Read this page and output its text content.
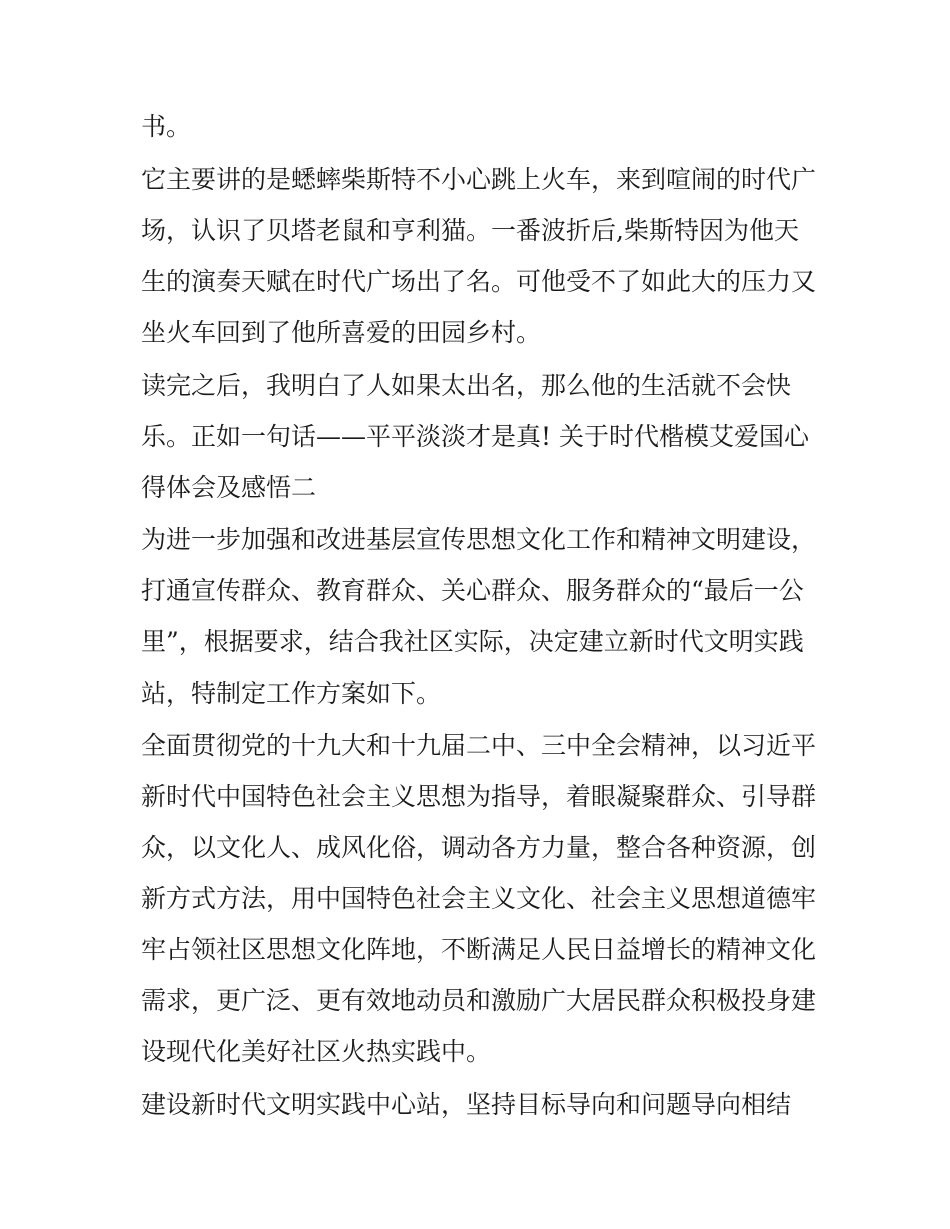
书。
它主要讲的是蟋蟀柴斯特不小心跳上火车，来到喧闹的时代广
场，认识了贝塔老鼠和亨利猫。一番波折后,柴斯特因为他天
生的演奏天赋在时代广场出了名。可他受不了如此大的压力又
坐火车回到了他所喜爱的田园乡村。
读完之后，我明白了人如果太出名，那么他的生活就不会快
乐。正如一句话——平平淡淡才是真! 关于时代楷模艾爱国心
得体会及感悟二
为进一步加强和改进基层宣传思想文化工作和精神文明建设，
打通宣传群众、教育群众、关心群众、服务群众的“最后一公
里”，根据要求，结合我社区实际，决定建立新时代文明实践
站，特制定工作方案如下。
全面贯彻党的十九大和十九届二中、三中全会精神，以习近平
新时代中国特色社会主义思想为指导，着眼凝聚群众、引导群
众，以文化人、成风化俗，调动各方力量，整合各种资源，创
新方式方法，用中国特色社会主义文化、社会主义思想道德牢
牢占领社区思想文化阵地，不断满足人民日益增长的精神文化
需求，更广泛、更有效地动员和激励广大居民群众积极投身建
设现代化美好社区火热实践中。
建设新时代文明实践中心站，坚持目标导向和问题导向相结
